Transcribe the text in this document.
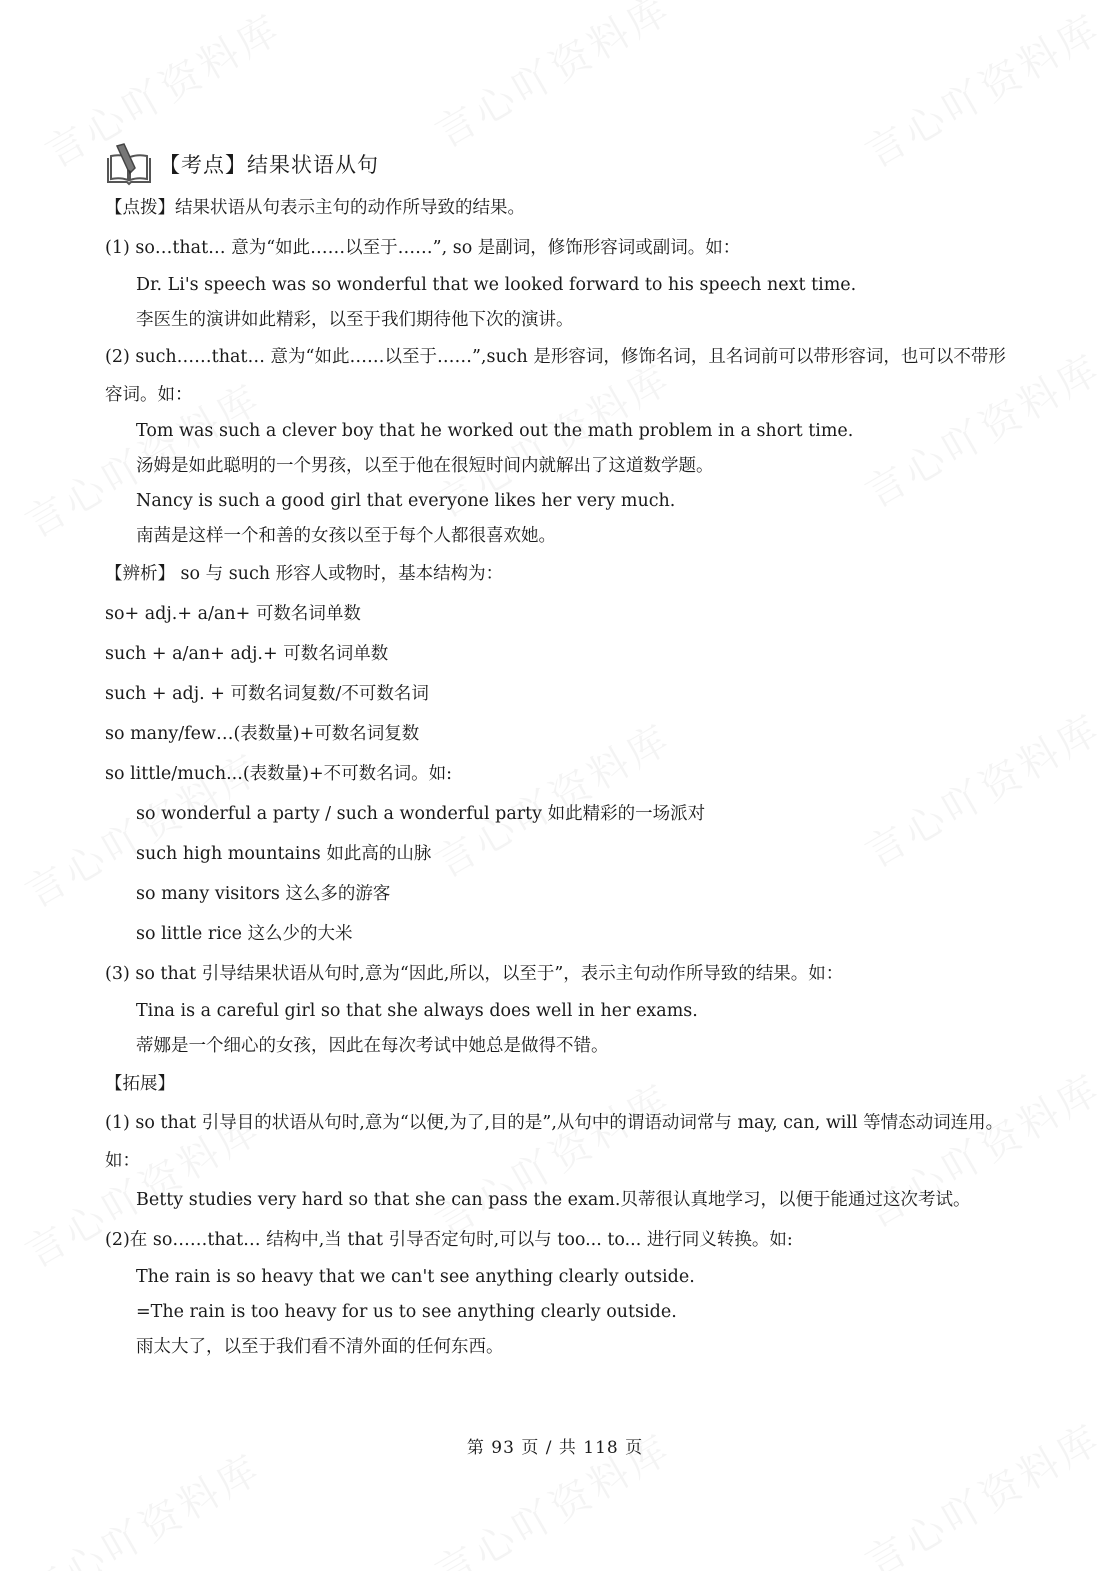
【考点】结果状语从句
【点拨】结果状语从句表示主句的动作所导致的结果。
(1) so…that… 意为“如此……以至于……”, so 是副词，修饰形容词或副词。如：
Dr. Li's speech was so wonderful that we looked forward to his speech next time.
李医生的演讲如此精彩，以至于我们期待他下次的演讲。
(2) such……that… 意为“如此……以至于……”,such 是形容词，修饰名词，且名词前可以带形容词，也可以不带形容词。如：
Tom was such a clever boy that he worked out the math problem in a short time.
汤姆是如此聪明的一个男孩，以至于他在很短时间内就解出了这道数学题。
Nancy is such a good girl that everyone likes her very much.
南茜是这样一个和善的女孩以至于每个人都很喜欢她。
【辨析】 so 与 such 形容人或物时，基本结构为：
so+ adj.+ a/an+ 可数名词单数
such + a/an+ adj.+ 可数名词单数
such + adj. + 可数名词复数/不可数名词
so many/few…(表数量)+可数名词复数
so little/much...(表数量)+不可数名词。如:
so wonderful a party / such a wonderful party 如此精彩的一场派对
such high mountains 如此高的山脉
so many visitors 这么多的游客
so little rice 这么少的大米
(3) so that 引导结果状语从句时,意为“因此,所以，以至于”，表示主句动作所导致的结果。如：
Tina is a careful girl so that she always does well in her exams.
蒂娜是一个细心的女孩，因此在每次考试中她总是做得不错。
【拓展】
(1) so that 引导目的状语从句时,意为“以便,为了,目的是”,从句中的谓语动词常与 may, can, will 等情态动词连用。如：
Betty studies very hard so that she can pass the exam.贝蒂很认真地学习，以便于能通过这次考试。
(2)在 so……that… 结构中,当 that 引导否定句时,可以与 too... to... 进行同义转换。如:
The rain is so heavy that we can't see anything clearly outside.
=The rain is too heavy for us to see anything clearly outside.
雨太大了，以至于我们看不清外面的任何东西。
第 93 页 / 共 118 页
